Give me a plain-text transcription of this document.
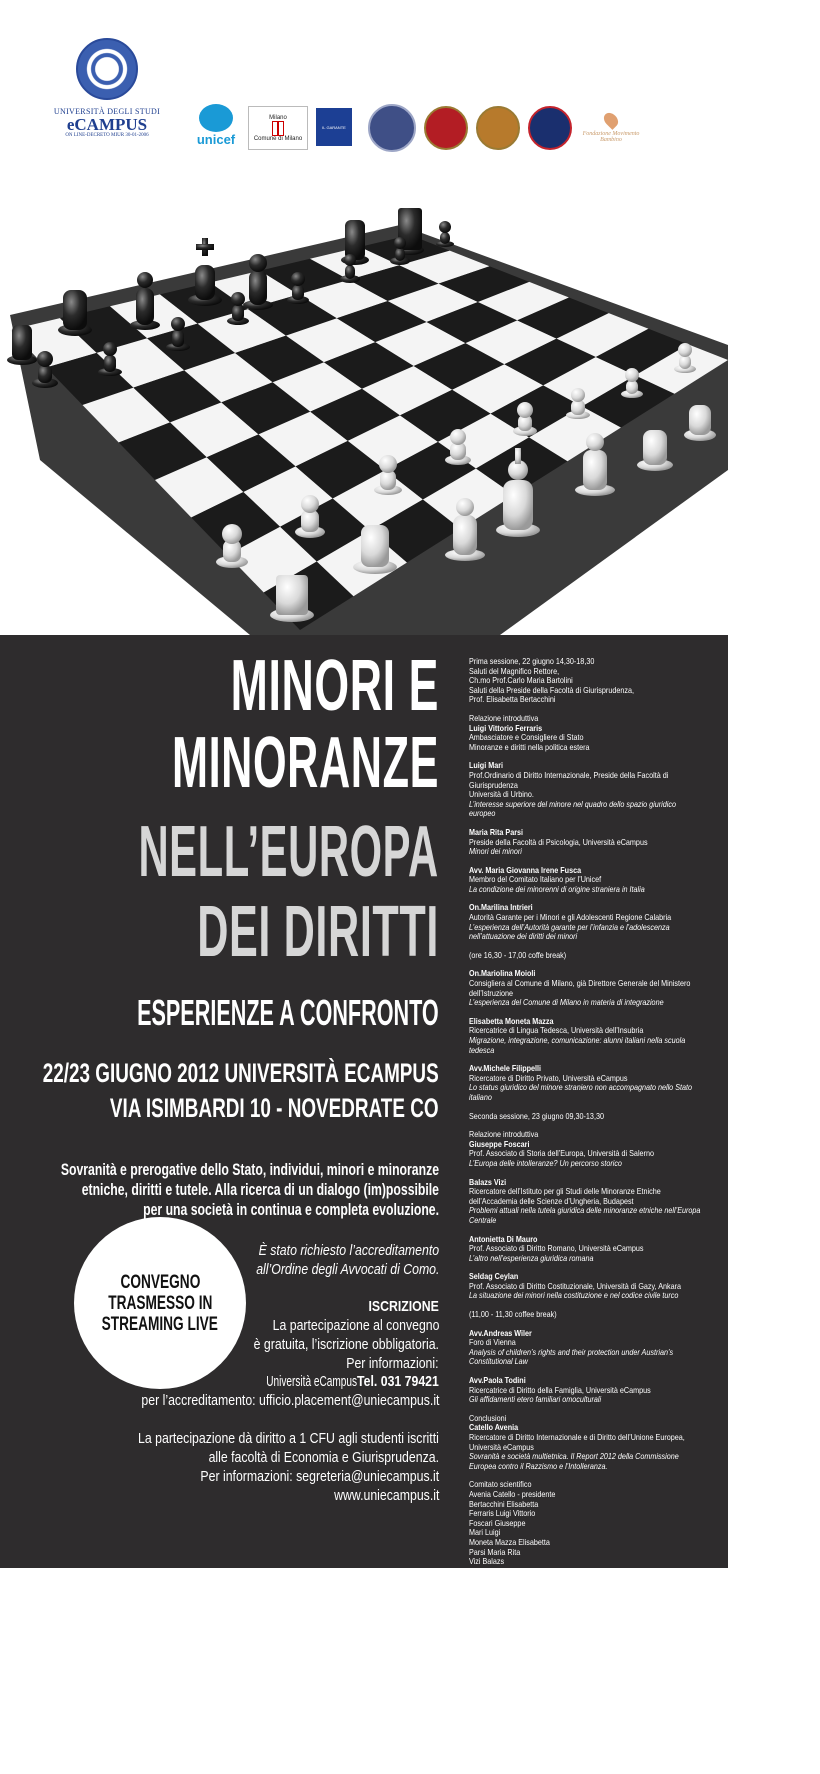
UNIVERSITÀ DEGLI STUDI
eCAMPUS
ON LINE-DECRETO MIUR 30-01-2006	unicef
Milano
Comune di Milano
IL GARANTE
Fondazione Movimento Bambino
MINORI E
MINORANZE
NELL’EUROPA
DEI DIRITTI
ESPERIENZE A CONFRONTO
22/23 GIUGNO 2012 UNIVERSITÀ ECAMPUS
VIA ISIMBARDI 10 - NOVEDRATE CO
Sovranità e prerogative dello Stato, individui, minori e minoranze
etniche, diritti e tutele. Alla ricerca di un dialogo (im)possibile
per una società in continua e completa evoluzione.
CONVEGNO
TRASMESSO IN
STREAMING LIVE
È stato richiesto l’accreditamento
all’Ordine degli Avvocati di Como.
ISCRIZIONE
La partecipazione al convegno
è gratuita, l’iscrizione obbligatoria.
Per informazioni:
Università eCampusTel. 031 79421
per l’accreditamento: ufficio.placement@uniecampus.it
La partecipazione dà diritto a 1 CFU agli studenti iscritti
alle facoltà di Economia e Giurisprudenza.
Per informazioni: segreteria@uniecampus.it
www.uniecampus.it
Prima sessione, 22 giugno 14,30-18,30
Saluti del Magnifico Rettore,
Ch.mo Prof.Carlo Maria Bartolini
Saluti della Preside della Facoltà di Giurisprudenza,
Prof. Elisabetta Bertacchini
Relazione introduttiva
Luigi Vittorio Ferraris
Ambasciatore e Consigliere di Stato
Minoranze e diritti nella politica estera
Luigi Mari
Prof.Ordinario di Diritto Internazionale, Preside della Facoltà di
Giurisprudenza
Università di Urbino.
L’interesse superiore del minore nel quadro dello spazio giuridico
europeo
Maria Rita Parsi
Preside della Facoltà di Psicologia, Università eCampus
Minori dei minori
Avv. Maria Giovanna Irene Fusca
Membro del Comitato Italiano per l’Unicef
La condizione dei minorenni di origine straniera in Italia
On.Marilina Intrieri
Autorità Garante per i Minori e gli Adolescenti Regione Calabria
L’esperienza dell’Autorità garante per l’infanzia e l’adolescenza
nell’attuazione dei diritti dei minori
(ore 16,30 - 17,00 coffe break)
On.Mariolina Moioli
Consigliera al Comune di Milano, già Direttore Generale del Ministero
dell’Istruzione
L’esperienza del Comune di Milano in materia di integrazione
Elisabetta Moneta Mazza
Ricercatrice di Lingua Tedesca, Università dell’Insubria
Migrazione, integrazione, comunicazione: alunni italiani nella scuola
tedesca
Avv.Michele Filippelli
Ricercatore di Diritto Privato, Università eCampus
Lo status giuridico del minore straniero non accompagnato nello Stato
italiano
Seconda sessione, 23 giugno 09,30-13,30
Relazione introduttiva
Giuseppe Foscari
Prof. Associato di Storia dell’Europa, Università di Salerno
L’Europa delle intolleranze? Un percorso storico
Balazs Vizi
Ricercatore dell’Istituto per gli Studi delle Minoranze Etniche
dell’Accademia delle Scienze d’Ungheria, Budapest
Problemi attuali nella tutela giuridica delle minoranze etniche nell’Europa
Centrale
Antonietta Di Mauro
Prof. Associato di Diritto Romano, Università eCampus
L’altro nell’esperienza giuridica romana
Seldag Ceylan
Prof. Associato di Diritto Costituzionale, Università di Gazy, Ankara
La situazione dei minori nella costituzione e nel codice civile turco
(11,00 - 11,30 coffee break)
Avv.Andreas Wiler
Foro di Vienna
Analysis of children’s rights and their protection under Austrian’s
Constitutional Law
Avv.Paola Todini
Ricercatrice di Diritto della Famiglia, Università eCampus
Gli affidamenti etero familiari omoculturali
Conclusioni
Catello Avenia
Ricercatore di Diritto Internazionale e di Diritto dell’Unione Europea,
Università eCampus
Sovranità e società multietnica. Il Report 2012 della Commissione
Europea contro il Razzismo e l’Intolleranza.
Comitato scientifico
Avenia Catello - presidente
Bertacchini Elisabetta
Ferraris Luigi Vittorio
Foscari Giuseppe
Mari Luigi
Moneta Mazza Elisabetta
Parsi Maria Rita
Vizi Balazs
